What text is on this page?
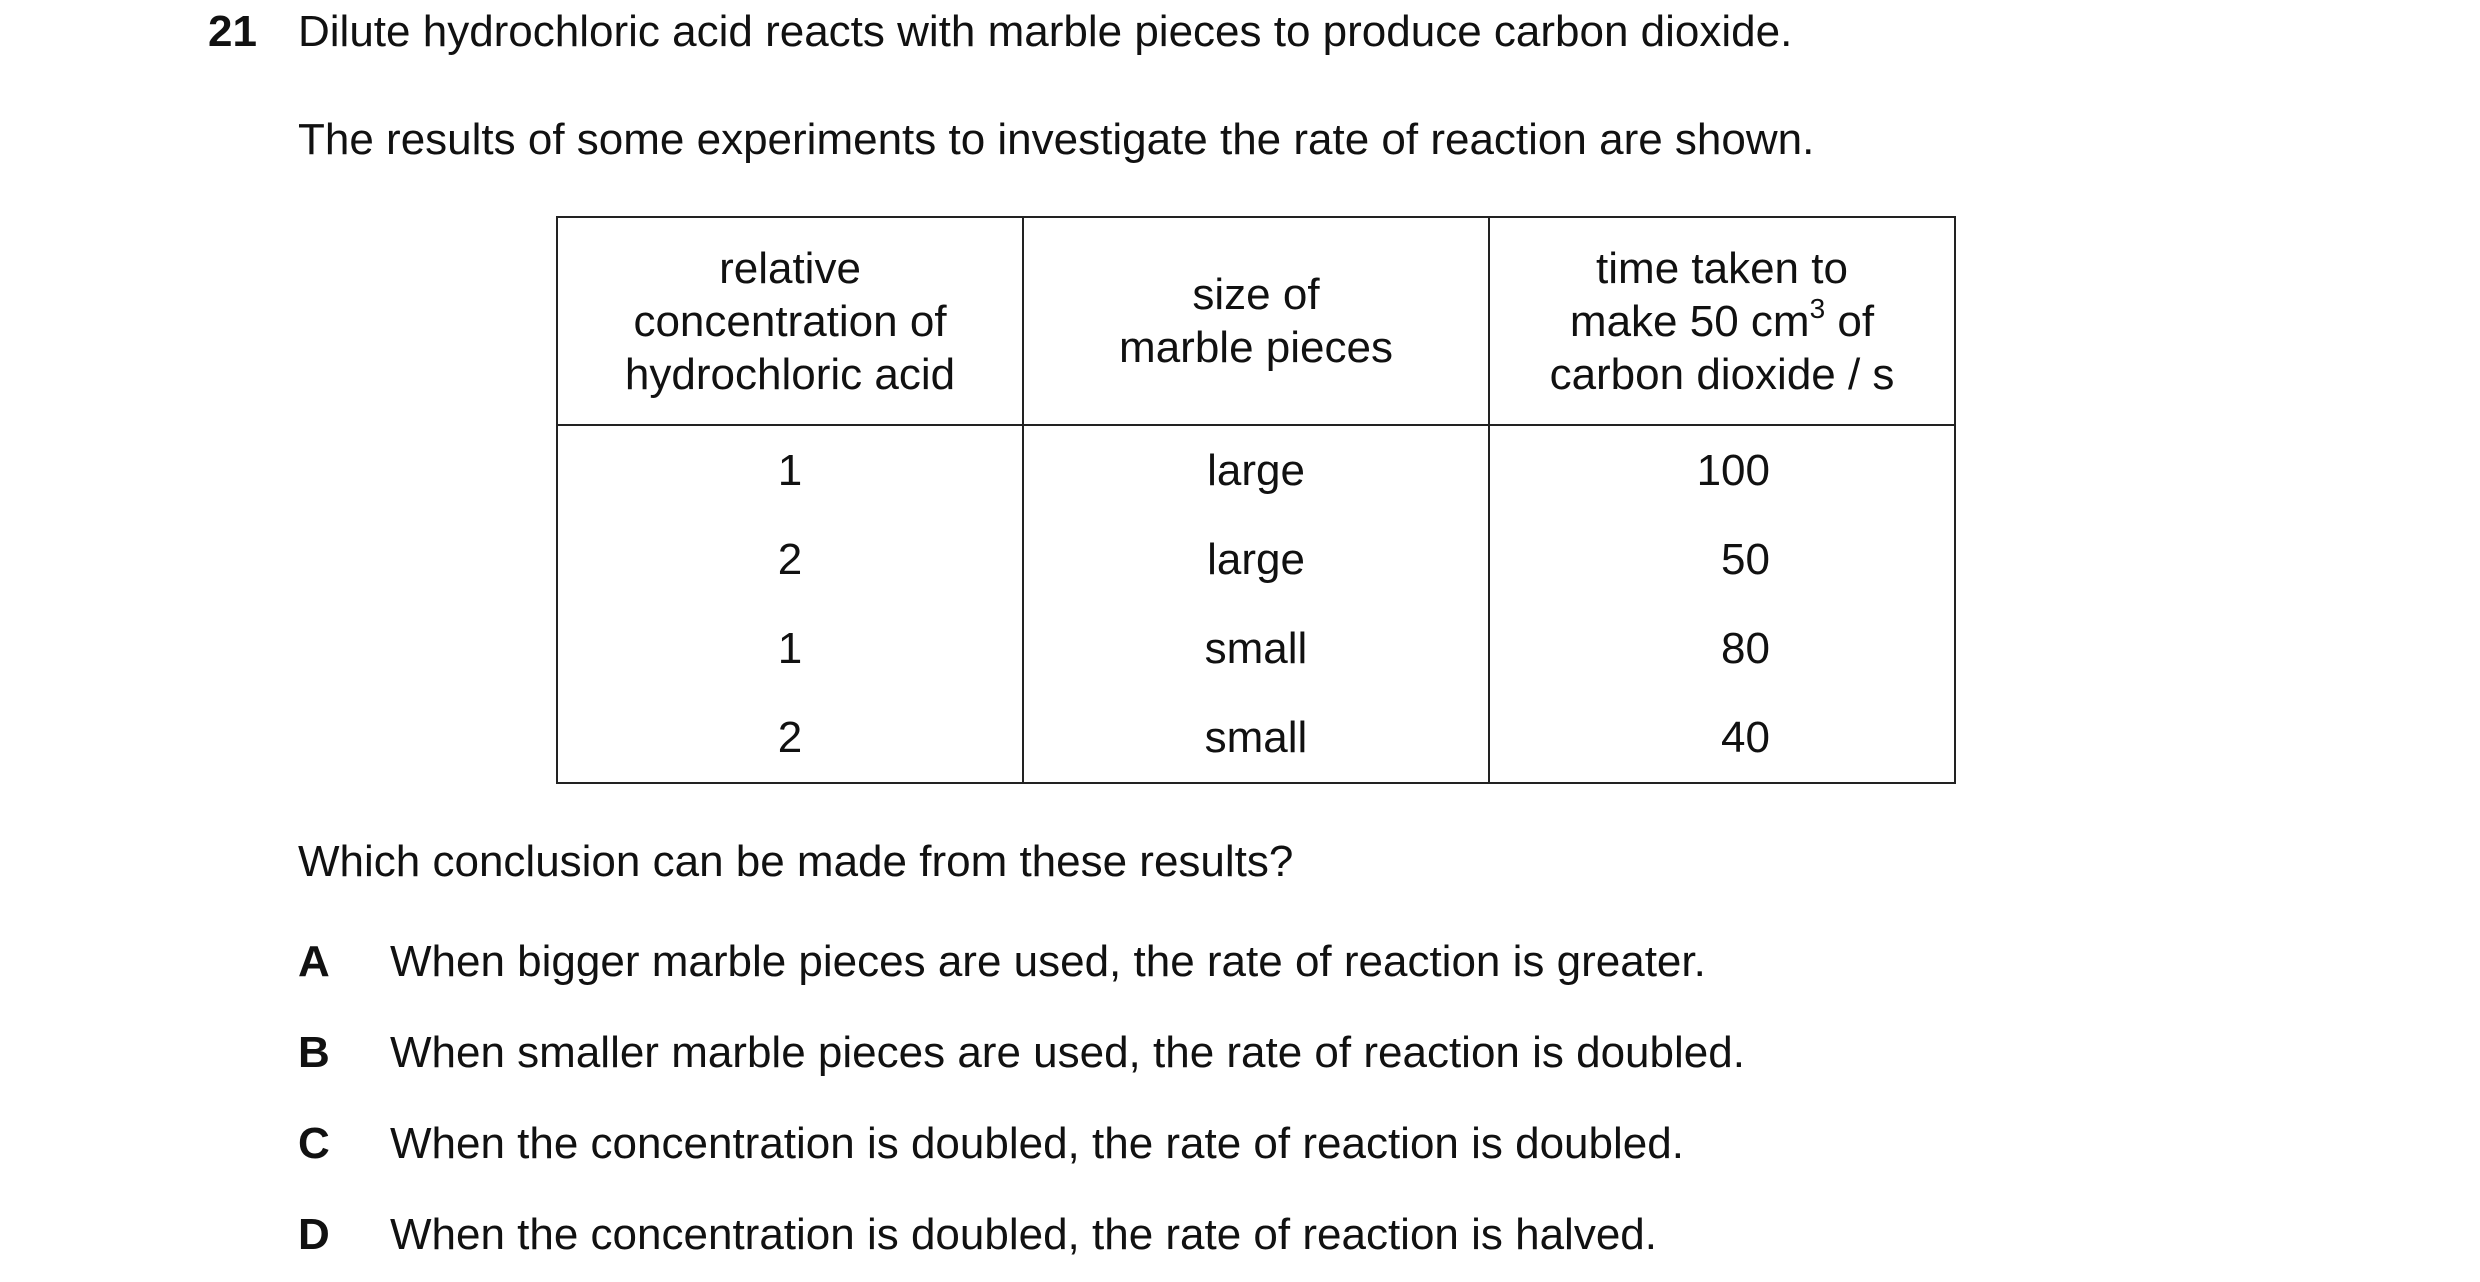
21 Dilute hydrochloric acid reacts with marble pieces to produce carbon dioxide.
The results of some experiments to investigate the rate of reaction are shown.
relative
concentration of
hydrochloric acid	size of
marble pieces	time taken to
make 50 $cm^3$ of
carbon dioxide / s

1	large	100
2	large	50
1	small	80
2	small	40
Which conclusion can be made from these results?
A When bigger marble pieces are used, the rate of reaction is greater.
B When smaller marble pieces are used, the rate of reaction is doubled.
C When the concentration is doubled, the rate of reaction is doubled.
D When the concentration is doubled, the rate of reaction is halved.
